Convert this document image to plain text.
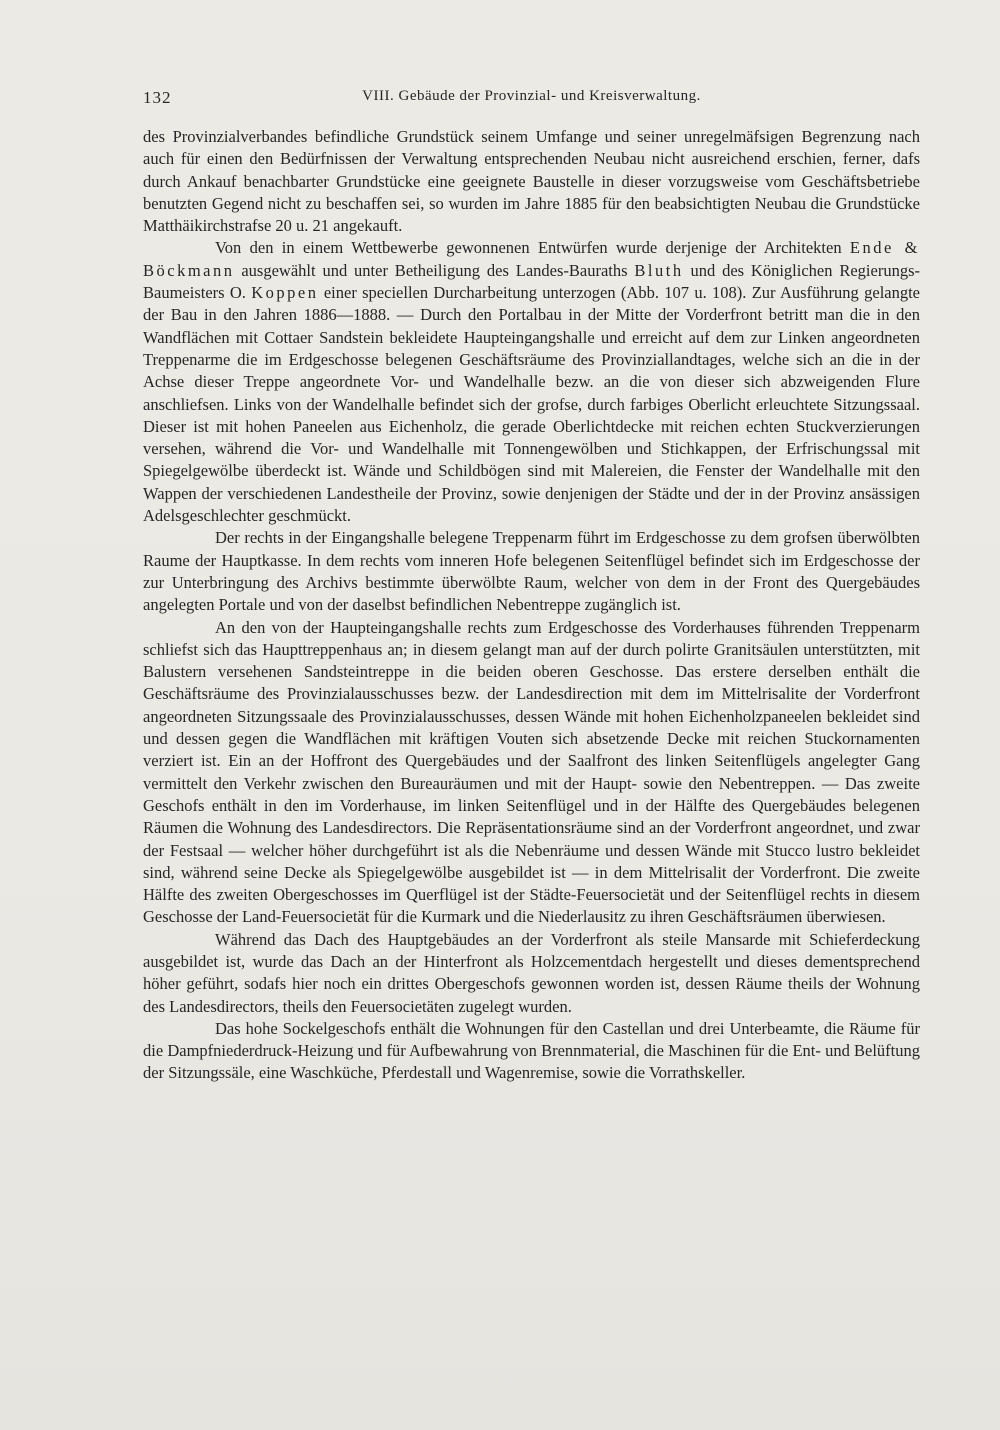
132	VIII. Gebäude der Provinzial- und Kreisverwaltung.

des Provinzialverbandes befindliche Grundstück seinem Umfange und seiner unregelmäfsigen Begrenzung nach auch für einen den Bedürfnissen der Verwaltung entsprechenden Neubau nicht ausreichend erschien, ferner, dafs durch Ankauf benachbarter Grundstücke eine geeignete Baustelle in dieser vorzugsweise vom Geschäftsbetriebe benutzten Gegend nicht zu beschaffen sei, so wurden im Jahre 1885 für den beabsichtigten Neubau die Grundstücke Matthäikirchstrafse 20 u. 21 angekauft.

Von den in einem Wettbewerbe gewonnenen Entwürfen wurde derjenige der Architekten Ende & Böckmann ausgewählt und unter Betheiligung des Landes-Bauraths Bluth und des Königlichen Regierungs-Baumeisters O. Koppen einer speciellen Durcharbeitung unterzogen (Abb. 107 u. 108). Zur Ausführung gelangte der Bau in den Jahren 1886—1888. — Durch den Portalbau in der Mitte der Vorderfront betritt man die in den Wandflächen mit Cottaer Sandstein bekleidete Haupteingangshalle und erreicht auf dem zur Linken angeordneten Treppenarme die im Erdgeschosse belegenen Geschäftsräume des Provinziallandtages, welche sich an die in der Achse dieser Treppe angeordnete Vor- und Wandelhalle bezw. an die von dieser sich abzweigenden Flure anschliefsen. Links von der Wandelhalle befindet sich der grofse, durch farbiges Oberlicht erleuchtete Sitzungssaal. Dieser ist mit hohen Paneelen aus Eichenholz, die gerade Oberlichtdecke mit reichen echten Stuckverzierungen versehen, während die Vor- und Wandelhalle mit Tonnengewölben und Stichkappen, der Erfrischungssal mit Spiegelgewölbe überdeckt ist. Wände und Schildbögen sind mit Malereien, die Fenster der Wandelhalle mit den Wappen der verschiedenen Landestheile der Provinz, sowie denjenigen der Städte und der in der Provinz ansässigen Adelsgeschlechter geschmückt.

Der rechts in der Eingangshalle belegene Treppenarm führt im Erdgeschosse zu dem grofsen überwölbten Raume der Hauptkasse. In dem rechts vom inneren Hofe belegenen Seitenflügel befindet sich im Erdgeschosse der zur Unterbringung des Archivs bestimmte überwölbte Raum, welcher von dem in der Front des Quergebäudes angelegten Portale und von der daselbst befindlichen Nebentreppe zugänglich ist.

An den von der Haupteingangshalle rechts zum Erdgeschosse des Vorderhauses führenden Treppenarm schliefst sich das Haupttreppenhaus an; in diesem gelangt man auf der durch polirte Granitsäulen unterstützten, mit Balustern versehenen Sandsteintreppe in die beiden oberen Geschosse. Das erstere derselben enthält die Geschäftsräume des Provinzialausschusses bezw. der Landesdirection mit dem im Mittelrisalite der Vorderfront angeordneten Sitzungssaale des Provinzialausschusses, dessen Wände mit hohen Eichenholzpaneelen bekleidet sind und dessen gegen die Wandflächen mit kräftigen Vouten sich absetzende Decke mit reichen Stuckornamenten verziert ist. Ein an der Hoffront des Quergebäudes und der Saalfront des linken Seitenflügels angelegter Gang vermittelt den Verkehr zwischen den Bureauräumen und mit der Haupt- sowie den Nebentreppen. — Das zweite Geschofs enthält in den im Vorderhause, im linken Seitenflügel und in der Hälfte des Quergebäudes belegenen Räumen die Wohnung des Landesdirectors. Die Repräsentationsräume sind an der Vorderfront angeordnet, und zwar der Festsaal — welcher höher durchgeführt ist als die Nebenräume und dessen Wände mit Stucco lustro bekleidet sind, während seine Decke als Spiegelgewölbe ausgebildet ist — in dem Mittelrisalit der Vorderfront. Die zweite Hälfte des zweiten Obergeschosses im Querflügel ist der Städte-Feuersocietät und der Seitenflügel rechts in diesem Geschosse der Land-Feuersocietät für die Kurmark und die Niederlausitz zu ihren Geschäftsräumen überwiesen.

Während das Dach des Hauptgebäudes an der Vorderfront als steile Mansarde mit Schieferdeckung ausgebildet ist, wurde das Dach an der Hinterfront als Holzcementdach hergestellt und dieses dementsprechend höher geführt, sodafs hier noch ein drittes Obergeschofs gewonnen worden ist, dessen Räume theils der Wohnung des Landesdirectors, theils den Feuersocietäten zugelegt wurden.

Das hohe Sockelgeschofs enthält die Wohnungen für den Castellan und drei Unterbeamte, die Räume für die Dampfniederdruck-Heizung und für Aufbewahrung von Brennmaterial, die Maschinen für die Ent- und Belüftung der Sitzungssäle, eine Waschküche, Pferdestall und Wagenremise, sowie die Vorrathskeller.
